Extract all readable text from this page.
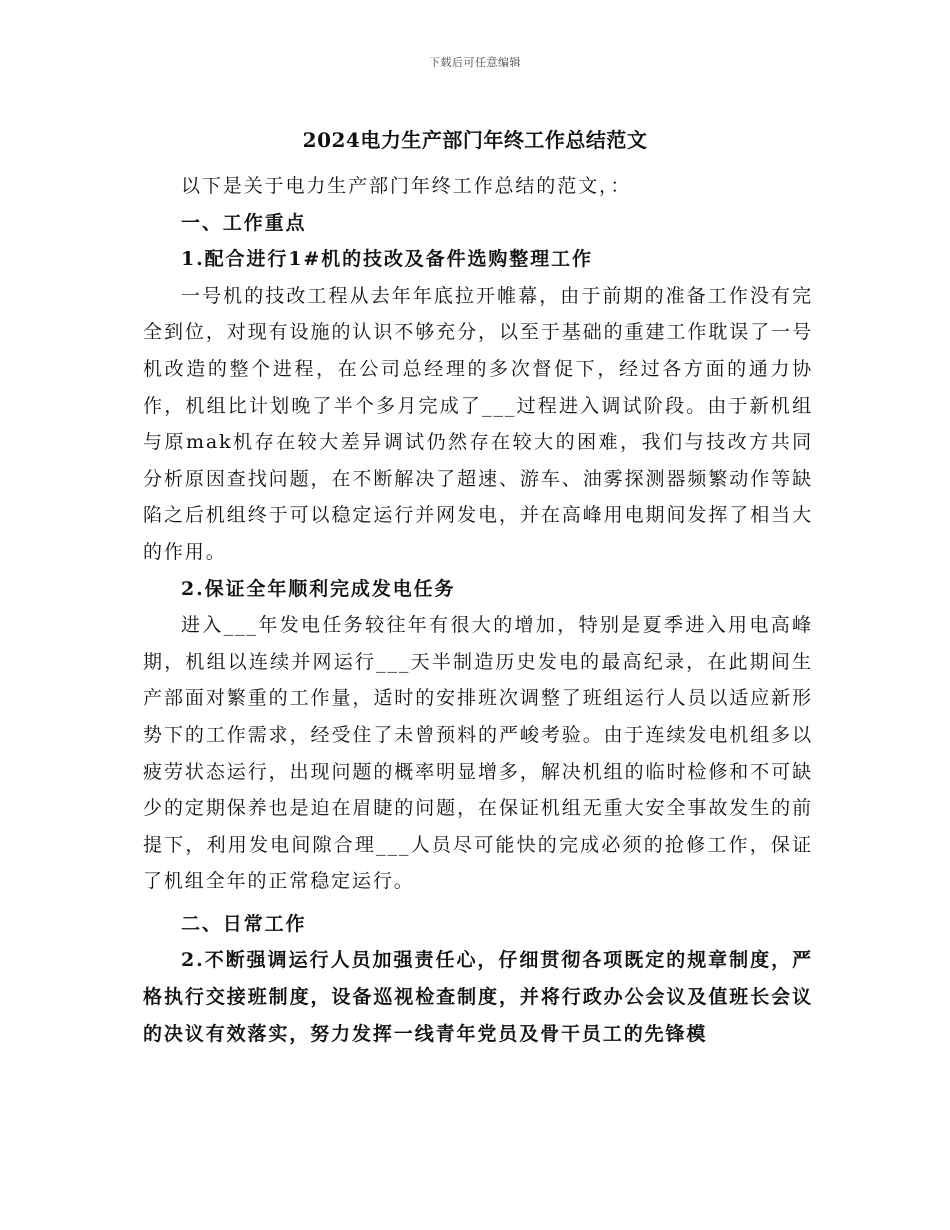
下载后可任意编辑
2024电力生产部门年终工作总结范文

以下是关于电力生产部门年终工作总结的范文，：

一、工作重点

1.配合进行1#机的技改及备件选购整理工作

一号机的技改工程从去年年底拉开帷幕，由于前期的准备工作没有完全到位，对现有设施的认识不够充分，以至于基础的重建工作耽误了一号机改造的整个进程，在公司总经理的多次督促下，经过各方面的通力协作，机组比计划晚了半个多月完成了___过程进入调试阶段。由于新机组与原mak机存在较大差异调试仍然存在较大的困难，我们与技改方共同分析原因查找问题，在不断解决了超速、游车、油雾探测器频繁动作等缺陷之后机组终于可以稳定运行并网发电，并在高峰用电期间发挥了相当大的作用。

2.保证全年顺利完成发电任务

进入___年发电任务较往年有很大的增加，特别是夏季进入用电高峰期，机组以连续并网运行___天半制造历史发电的最高纪录，在此期间生产部面对繁重的工作量，适时的安排班次调整了班组运行人员以适应新形势下的工作需求，经受住了未曾预料的严峻考验。由于连续发电机组多以疲劳状态运行，出现问题的概率明显增多，解决机组的临时检修和不可缺少的定期保养也是迫在眉睫的问题，在保证机组无重大安全事故发生的前提下，利用发电间隙合理___人员尽可能快的完成必须的抢修工作，保证了机组全年的正常稳定运行。

二、日常工作

2.不断强调运行人员加强责任心，仔细贯彻各项既定的规章制度，严格执行交接班制度，设备巡视检查制度，并将行政办公会议及值班长会议的决议有效落实，努力发挥一线青年党员及骨干员工的先锋模
